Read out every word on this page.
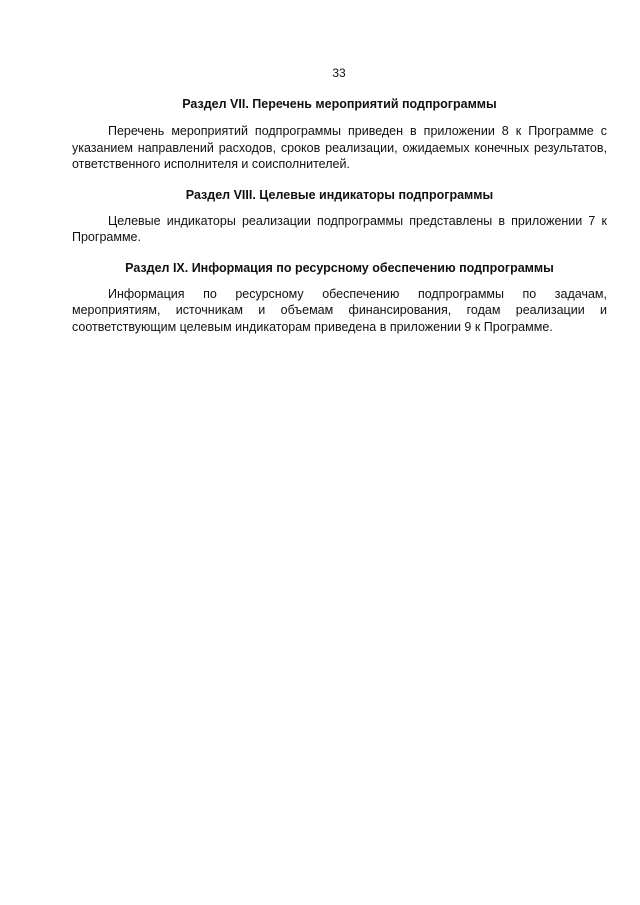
33
Раздел VII. Перечень мероприятий подпрограммы

Перечень мероприятий подпрограммы приведен в приложении 8 к Программе с указанием направлений расходов, сроков реализации, ожидаемых конечных результатов, ответственного исполнителя и соисполнителей.

Раздел VIII. Целевые индикаторы подпрограммы

Целевые индикаторы реализации подпрограммы представлены в приложении 7 к Программе.

Раздел IX. Информация по ресурсному обеспечению подпрограммы

Информация по ресурсному обеспечению подпрограммы по задачам, мероприятиям, источникам и объемам финансирования, годам реализации и соответствующим целевым индикаторам приведена в приложении 9 к Программе.
